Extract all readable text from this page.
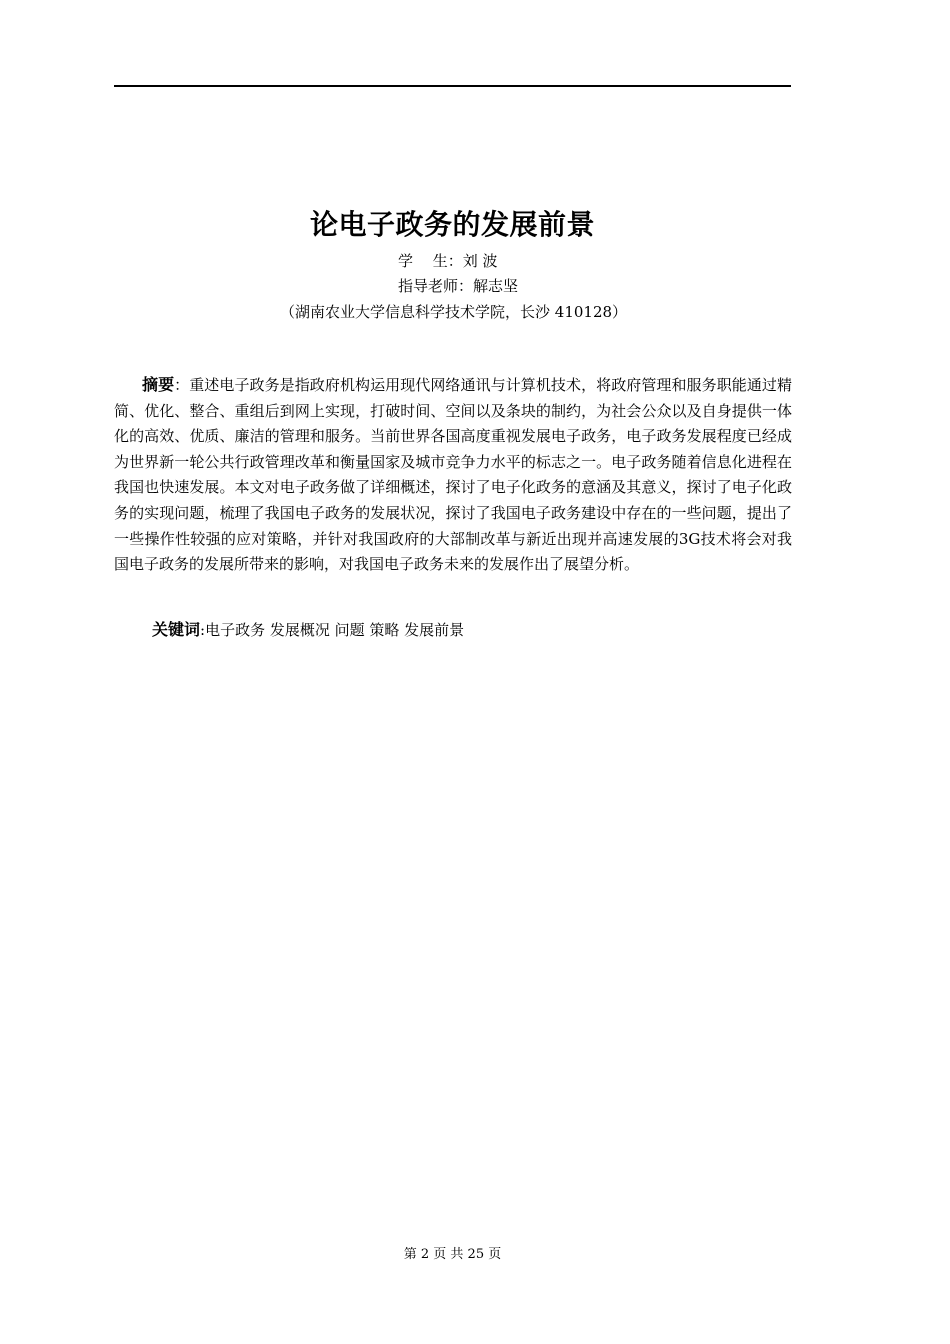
论电子政务的发展前景
学　 生：刘 波
指导老师：解志坚
（湖南农业大学信息科学技术学院，长沙 410128）
摘要：重述电子政务是指政府机构运用现代网络通讯与计算机技术，将政府管理和服务职能通过精简、优化、整合、重组后到网上实现，打破时间、空间以及条块的制约，为社会公众以及自身提供一体化的高效、优质、廉洁的管理和服务。当前世界各国高度重视发展电子政务，电子政务发展程度已经成为世界新一轮公共行政管理改革和衡量国家及城市竞争力水平的标志之一。电子政务随着信息化进程在我国也快速发展。本文对电子政务做了详细概述，探讨了电子化政务的意涵及其意义，探讨了电子化政务的实现问题，梳理了我国电子政务的发展状况，探讨了我国电子政务建设中存在的一些问题，提出了一些操作性较强的应对策略，并针对我国政府的大部制改革与新近出现并高速发展的3G技术将会对我国电子政务的发展所带来的影响，对我国电子政务未来的发展作出了展望分析。
关键词:电子政务 发展概况 问题 策略 发展前景
第 2 页 共 25 页
